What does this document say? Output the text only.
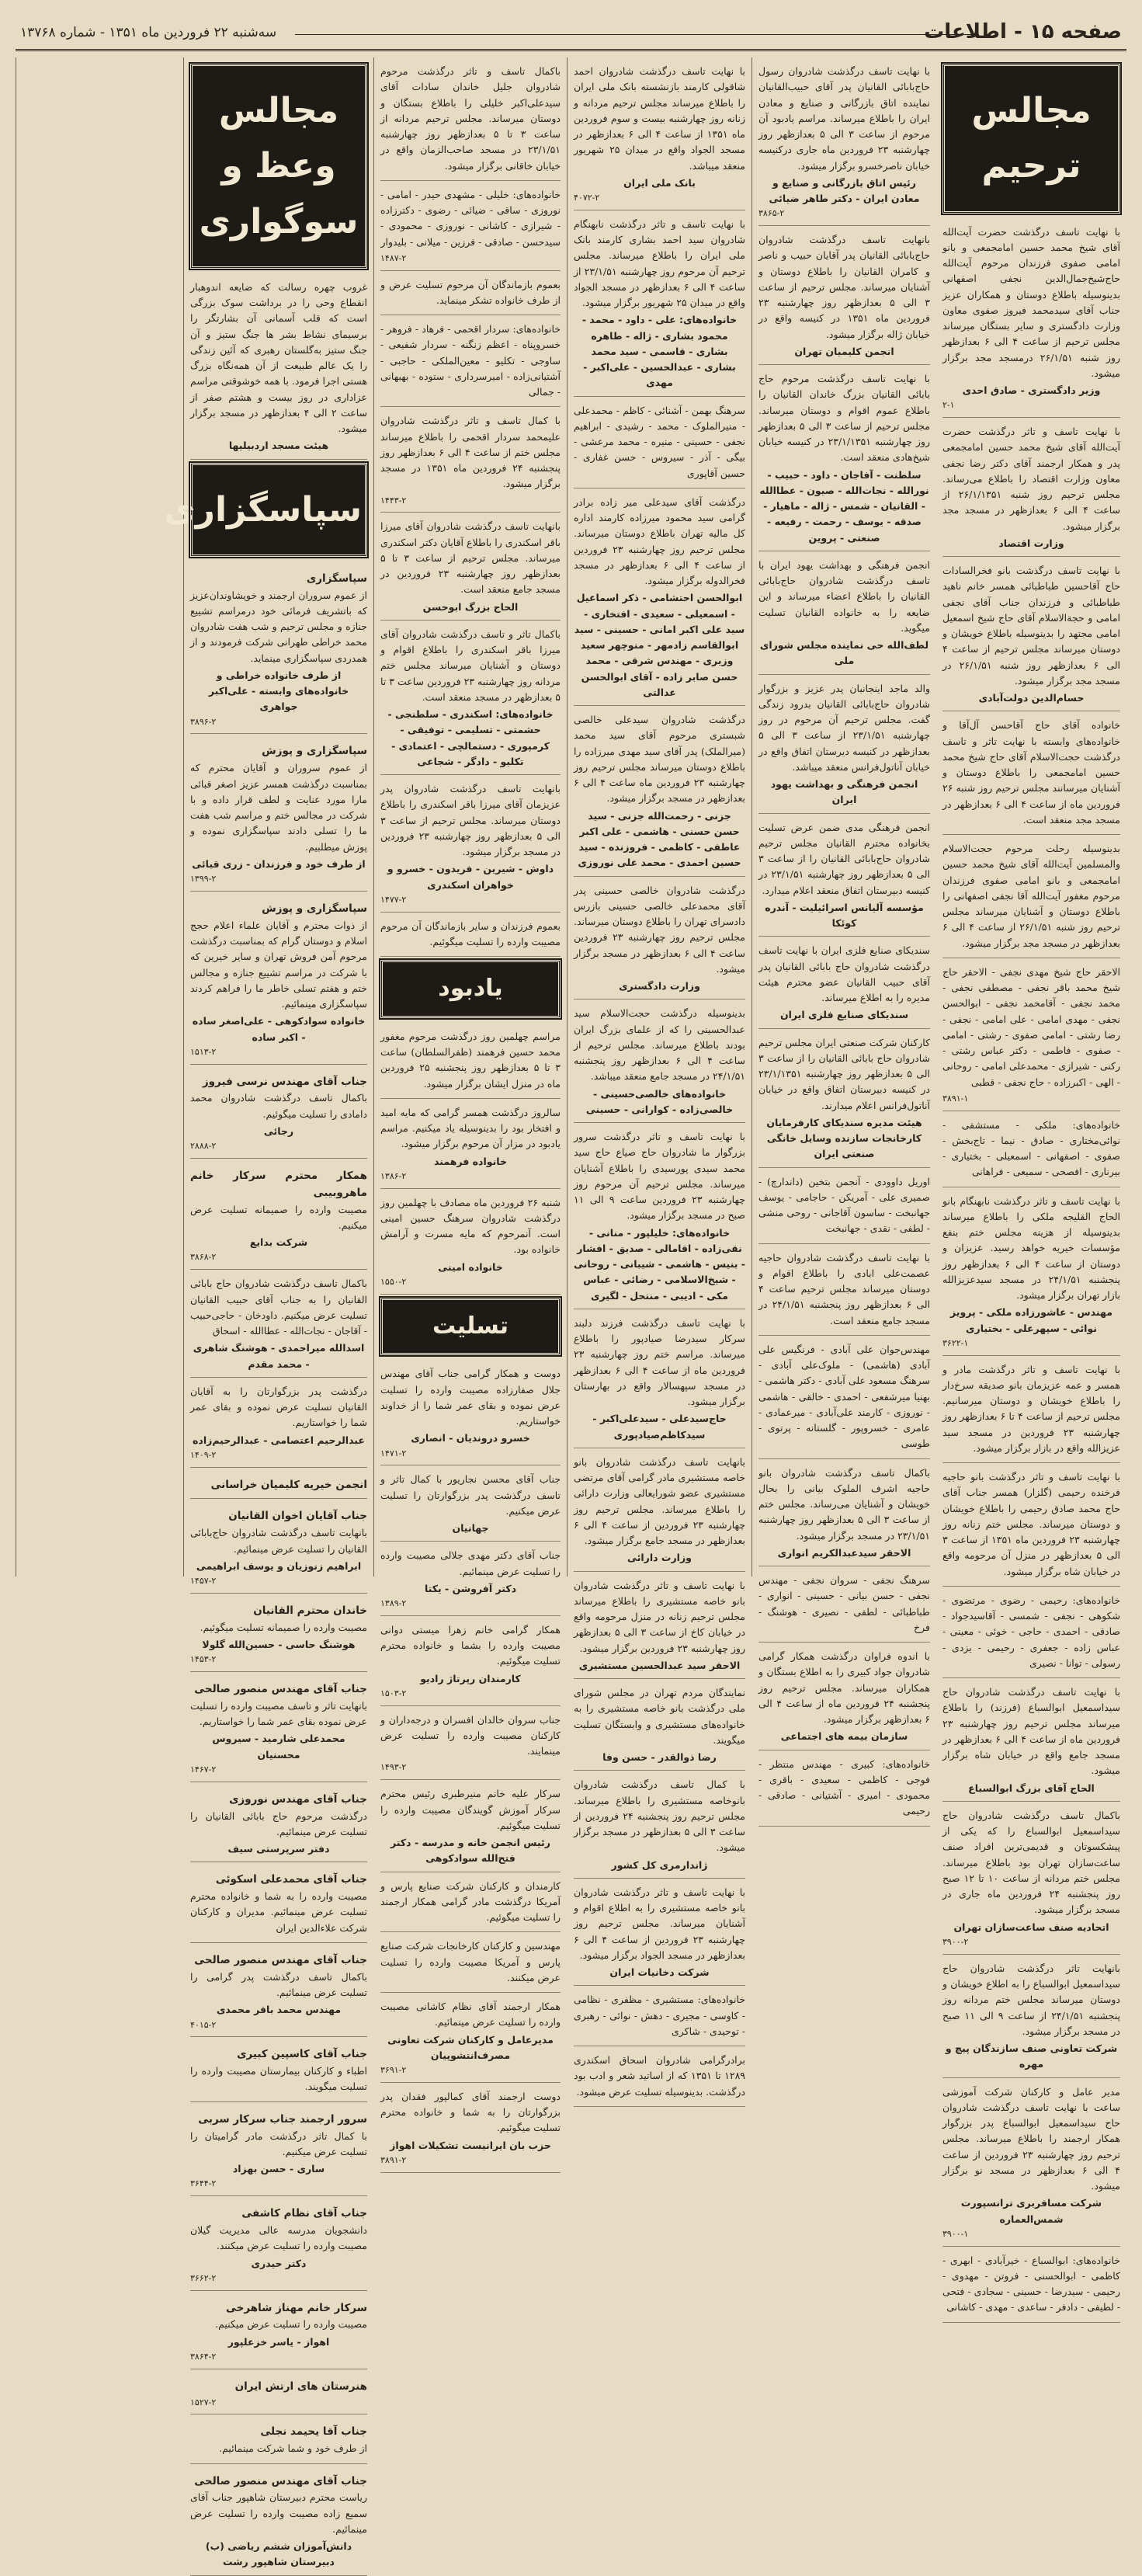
صفحه ۱۵ - اطلاعات
سه‌شنبه ۲۲ فروردین ماه ۱۳۵۱ - شماره ۱۳۷۶۸
مجالس ترحیم

با نهایت تاسف درگذشت حضرت آیت‌الله آقای شیخ محمد حسین امامجمعی و بانو امامی صفوی فرزندان مرحوم آیت‌الله حاج‌شیخ‌جمال‌الدین نجفی اصفهانی بدینوسیله باطلاع دوستان و همکاران عزیز جناب آقای سیدمحمد فیروز صفوی معاون وزارت دادگستری و سایر بستگان میرساند مجلس ترحیم از ساعت ۴ الی ۶ بعدازظهر روز شنبه ۲۶/۱/۵۱ درمسجد مجد برگزار میشود.

وزیر دادگستری - صادق احدی
۲-۱

با نهایت تاسف و تاثر درگذشت حضرت آیت‌الله آقای شیخ محمد حسین امامجمعی پدر و همکار ارجمند آقای دکتر رضا نجفی معاون وزارت اقتصاد را باطلاع می‌رساند. مجلس ترحیم روز شنبه ۲۶/۱/۱۳۵۱ از ساعت ۴ الی ۶ بعدازظهر در مسجد مجد برگزار میشود.

وزارت اقتصاد

با نهایت تاسف درگذشت بانو فخرالسادات حاج آقاحسین طباطبائی همسر خانم ناهید طباطبائی و فرزندان جناب آقای نجفی امامی و حجة‌الاسلام آقای حاج شیخ اسمعیل امامی مجتهد را بدینوسیله باطلاع خویشان و دوستان میرساند مجلس ترحیم از ساعت ۴ الی ۶ بعدازظهر روز شنبه ۲۶/۱/۵۱ در مسجد مجد برگزار میشود.

حسام‌الدین دولت‌آبادی

خانواده آقای حاج آقاحسن آل‌آقا و خانواده‌های وابسته با نهایت تاثر و تاسف درگذشت حجت‌الاسلام آقای حاج شیخ محمد حسین امامجمعی را باطلاع دوستان و آشنایان میرسانند مجلس ترحیم روز شنبه ۲۶ فروردین ماه از ساعت ۴ الی ۶ بعدازظهر در مسجد مجد منعقد است.

بدینوسیله رحلت مرحوم حجت‌الاسلام والمسلمین آیت‌الله آقای شیخ محمد حسین امامجمعی و بانو امامی صفوی فرزندان مرحوم مغفور آیت‌الله آقا نجفی اصفهانی را باطلاع دوستان و آشنایان میرساند مجلس ترحیم روز شنبه ۲۶/۱/۵۱ از ساعت ۴ الی ۶ بعدازظهر در مسجد مجد برگزار میشود.

الاحقر حاج شیخ مهدی نجفی - الاحقر حاج شیخ محمد باقر نجفی - مصطفی نجفی - محمد نجفی - آقامحمد نجفی - ابوالحسن نجفی - مهدی امامی - علی امامی - نجفی - رضا رشتی - امامی صفوی - رشتی - امامی - صفوی - فاطمی - دکتر عباس رشتی - رکنی - شیرازی - محمدعلی امامی - روحانی - الهی - اکبرزاده - حاج نجفی - قطبی

۳۸۹۱-۱

خانواده‌های: ملکی - مستشفی - نوائی‌مختاری - صادق - نیما - تاج‌بخش - صفوی - اصفهانی - اسمعیلی - بختیاری - بیرناری - افصحی - سمیعی - فراهانی

با نهایت تاسف و تاثر درگذشت نابهنگام بانو الحاج القلیجه ملکی را باطلاع میرساند بدینوسیله از هزینه مجلس ختم بنفع مؤسسات خیریه خواهد رسید. عزیزان و دوستان از ساعت ۴ الی ۶ بعدازظهر روز پنجشنبه ۲۴/۱/۵۱ در مسجد سیدعزیزالله بازار تهران برگزار میشود.

مهندس - عاشورزاده ملکی - پرویز نوائی - سپهرعلی - بختیاری
۳۶۲۲-۱

با نهایت تاسف و تاثر درگذشت مادر و همسر و عمه عزیزمان بانو صدیقه سرخ‌دار را باطلاع خویشان و دوستان میرسانیم. مجلس ترحیم از ساعت ۴ تا ۶ بعدازظهر روز چهارشنبه ۲۳ فروردین در مسجد سید عزیزالله واقع در بازار برگزار میشود.

با نهایت تاسف و تاثر درگذشت بانو حاجیه فرخنده رحیمی (گلزار) همسر جناب آقای حاج محمد صادق رحیمی را باطلاع خویشان و دوستان میرساند. مجلس ختم زنانه روز چهارشنبه ۲۳ فروردین ماه ۱۳۵۱ از ساعت ۳ الی ۵ بعدازظهر در منزل آن مرحومه واقع در خیابان شاه برگزار میشود.

خانواده‌های: رحیمی - رضوی - مرتضوی - شکوهی - نجفی - شمسی - آقاسیدجواد - صادقی - احمدی - حاجی - خوئی - معینی - عباس زاده - جعفری - رحیمی - یزدی - رسولی - توانا - نصیری

با نهایت تاسف درگذشت شادروان حاج سیداسمعیل ابوالسباع (فرزند) را باطلاع میرساند مجلس ترحیم روز چهارشنبه ۲۳ فروردین ماه از ساعت ۴ الی ۶ بعدازظهر در مسجد جامع واقع در خیابان شاه برگزار میشود.

الحاج آقای بزرگ ابوالسباع

باکمال تاسف درگذشت شادروان حاج سیداسمعیل ابوالسباع را که یکی از پیشکسوتان و قدیمی‌ترین افراد صنف ساعت‌سازان تهران بود باطلاع میرساند. مجلس ختم مردانه از ساعت ۱۰ تا ۱۲ صبح روز پنجشنبه ۲۴ فروردین ماه جاری در مسجد برگزار میشود.

اتحادیه صنف ساعت‌سازان تهران
۳۹۰۰-۲

بانهایت تاثر درگذشت شادروان حاج سیداسمعیل ابوالسباع را به اطلاع خویشان و دوستان میرساند مجلس ختم مردانه روز پنجشنبه ۲۴/۱/۵۱ از ساعت ۹ الی ۱۱ صبح در مسجد برگزار میشود.

شرکت تعاونی صنف سازندگان پیچ و مهره

مدیر عامل و کارکنان شرکت آموزشی ساعت با نهایت تاسف درگذشت شادروان حاج سیداسمعیل ابوالسباع پدر بزرگوار همکار ارجمند را باطلاع میرساند. مجلس ترحیم روز چهارشنبه ۲۳ فروردین از ساعت ۴ الی ۶ بعدازظهر در مسجد نو برگزار میشود.

شرکت مسافربری ترانسپورت شمس‌العماره
۳۹۰۰-۱

خانواده‌های: ابوالسباع - خیرآبادی - ابهری - کاظمی - ابوالحسنی - فروتن - مهدوی - رحیمی - سیدرضا - حسینی - سجادی - فتحی - لطیفی - دادفر - ساعدی - مهدی - کاشانی

با نهایت تاسف درگذشت شادروان رسول حاج‌بابائی القانیان پدر آقای حبیب‌القانیان نماینده اتاق بازرگانی و صنایع و معادن ایران را باطلاع میرساند. مراسم یادبود آن مرحوم از ساعت ۳ الی ۵ بعدازظهر روز چهارشنبه ۲۳ فروردین ماه جاری درکنیسه خیابان ناصرخسرو برگزار میشود.

رئیس اتاق بازرگانی و صنایع و معادن ایران - دکتر طاهر ضیائی
۳۸۶۵-۲

بانهایت تاسف درگذشت شادروان حاج‌بابائی القانیان پدر آقایان حبیب و ناصر و کامران القانیان را باطلاع دوستان و آشنایان میرساند. مجلس ترحیم از ساعت ۳ الی ۵ بعدازظهر روز چهارشنبه ۲۳ فروردین ماه ۱۳۵۱ در کنیسه واقع در خیابان ژاله برگزار میشود.

انجمن کلیمیان تهران

با نهایت تاسف درگذشت مرحوم حاج بابائی القانیان بزرگ خاندان القانیان را باطلاع عموم اقوام و دوستان میرساند. مجلس ترحیم از ساعت ۳ الی ۵ بعدازظهر روز چهارشنبه ۲۳/۱/۱۳۵۱ در کنیسه خیابان شیخ‌هادی منعقد است.

سلطنت - آفاجان - داود - حبیب - نورالله - نجات‌الله - صیون - عطاالله - القانیان - شمس - ژاله - ماهیار - صدقه - یوسف - رحمت - رفیعه - صنعتی - پروین

انجمن فرهنگی و بهداشت یهود ایران با تاسف درگذشت شادروان حاج‌بابائی القانیان را باطلاع اعضاء میرساند و این ضایعه را به خانواده القانیان تسلیت میگوید.

لطف‌الله حی نماینده مجلس شورای ملی

والد ماجد اینجانبان پدر عزیز و بزرگوار شادروان حاج‌بابائی القانیان بدرود زندگی گفت. مجلس ترحیم آن مرحوم در روز چهارشنبه ۲۳/۱/۵۱ از ساعت ۳ الی ۵ بعدازظهر در کنیسه دیرستان اتفاق واقع در خیابان آناتول‌فرانس منعقد میباشد.

انجمن فرهنگی و بهداشت یهود ایران

انجمن فرهنگی مدی ضمن عرض تسلیت بخانواده محترم القانیان مجلس ترحیم شادروان حاج‌بابائی القانیان را از ساعت ۳ الی ۵ بعدازظهر روز چهارشنبه ۲۳/۱/۵۱ در کنیسه دبیرستان اتفاق منعقد اعلام میدارد.

مؤسسه آلیانس اسرائیلیت - آندره کوئکا

سندیکای صنایع فلزی ایران با نهایت تاسف درگذشت شادروان حاج بابائی القانیان پدر آقای حبیب القانیان عضو محترم هیئت مدیره را به اطلاع میرساند.

سندیکای صنایع فلزی ایران

کارکنان شرکت صنعتی ایران مجلس ترحیم شادروان حاج بابائی القانیان را از ساعت ۳ الی ۵ بعدازظهر روز چهارشنبه ۲۳/۱/۱۳۵۱ در کنیسه دبیرستان اتفاق واقع در خیابان آناتول‌فرانس اعلام میدارند.

هیئت مدیره سندیکای کارفرمایان کارخانجات سازنده وسایل خانگی صنعتی ایران

اوریل داوودی - آنجمن بتخین (داندارچ) - صمیری علی - آمریکن - حاجامی - یوسف جهانبخت - ساسون آقاجانی - روحی منشی - لطفی - نقدی - جهانبخت

با نهایت تاسف درگذشت شادروان حاجیه عصمت‌علی ابادی را باطلاع اقوام و دوستان میرساند مجلس ترحیم ساعت ۴ الی ۶ بعدازظهر روز پنجشنبه ۲۴/۱/۵۱ در مسجد جامع منعقد است.

مهندس‌جوان علی آبادی - فرنگیس علی آبادی (هاشمی) - ملوک‌علی آبادی - سرهنگ مسعود علی آبادی - دکتر هاشمی - بهنیا میرشفعی - احمدی - خالقی - هاشمی - نوروزی - کارمند علی‌آبادی - میرعمادی - عامری - خسروپور - گلستانه - پرتوی - طوسی

باکمال تاسف درگذشت شادروان بانو حاجیه اشرف الملوک بیانی را بحال خویشان و آشنایان می‌رساند. مجلس ختم از ساعت ۳ الی ۵ بعدازظهر روز چهارشنبه ۲۳/۱/۵۱ در مسجد برگزار میشود.

الاحقر سیدعبدالکریم انواری

سرهنگ نجفی - سروان نجفی - مهندس نجفی - حسن بیانی - حسینی - انواری - طباطبائی - لطفی - نصیری - هوشنگ - فرخ

با اندوه فراوان درگذشت همکار گرامی شادروان جواد کبیری را به اطلاع بستگان و همکاران میرساند. مجلس ترحیم روز پنجشنبه ۲۴ فروردین ماه از ساعت ۴ الی ۶ بعدازظهر برگزار میشود.

سازمان بیمه های اجتماعی

خانواده‌های: کبیری - مهندس منتظر - فوجی - کاظمی - سعیدی - باقری - محمودی - امیری - آشتیانی - صادقی - رحیمی

با نهایت تاسف درگذشت شادروان احمد شاقولی کارمند بازنشسته بانک ملی ایران را باطلاع میرساند مجلس ترحیم مردانه و زنانه روز چهارشنبه بیست و سوم فروردین ماه ۱۳۵۱ از ساعت ۴ الی ۶ بعدازظهر در مسجد الجواد واقع در میدان ۲۵ شهریور منعقد میباشد.

بانک ملی ایران
۴۰۷۲-۲

با نهایت تاسف و تاثر درگذشت نابهنگام شادروان سید احمد بشاری کارمند بانک ملی ایران را باطلاع میرساند. مجلس ترحیم آن مرحوم روز چهارشنبه ۲۳/۱/۵۱ از ساعت ۴ الی ۶ بعدازظهر در مسجد الجواد واقع در میدان ۲۵ شهریور برگزار میشود.

خانواده‌های: علی - داود - محمد - محمود بشاری - ژاله - طاهره بشاری - قاسمی - سید محمد بشاری - عبدالحسین - علی‌اکبر - مهدی

سرهنگ بهمن - آشنائی - کاظم - محمدعلی - منیرالملوک - محمد - رشیدی - ابراهیم نجفی - حسینی - منیره - محمد مرعشی - بیگی - آذر - سیروس - حسن غفاری - حسین آقاپوری

درگذشت آقای سیدعلی میر زاده برادر گرامی سید محمود میرزاده کارمند اداره کل مالیه تهران باطلاع دوستان میرساند. مجلس ترحیم روز چهارشنبه ۲۳ فروردین از ساعت ۴ الی ۶ بعدازظهر در مسجد فخرالدوله برگزار میشود.

ابوالحسن احتشامی - ذکر اسماعیل - اسمعیلی - سعیدی - افتخاری - سید علی اکبر امانی - حسینی - سید ابوالقاسم زادمهر - منوچهر سعید وزیری - مهندس شرقی - محمد حسن صابر زاده - آقای ابوالحسن عدالتی

درگذشت شادروان سیدعلی خالصی شبستری مرحوم آقای سید محمد (میرالملک) پدر آقای سید مهدی میرزاده را باطلاع دوستان میرساند مجلس ترحیم روز چهارشنبه ۲۳ فروردین ماه ساعت ۴ الی ۶ بعدازظهر در مسجد برگزار میشود.

جزنی - رحمت‌الله جزنی - سید حسن حسنی - هاشمی - علی اکبر عاطفی - کاظمی - فروزنده - سید حسین احمدی - محمد علی نوروزی

درگذشت شادروان خالصی حسینی پدر آقای محمدعلی خالصی حسینی بازرس دادسرای تهران را باطلاع دوستان میرساند. مجلس ترحیم روز چهارشنبه ۲۳ فروردین ساعت ۴ الی ۶ بعدازظهر در مسجد برگزار میشود.

وزارت دادگستری

بدینوسیله درگذشت حجت‌الاسلام سید عبدالحسینی را که از علمای بزرگ ایران بودند باطلاع میرساند. مجلس ترحیم از ساعت ۴ الی ۶ بعدازظهر روز پنجشنبه ۲۴/۱/۵۱ در مسجد جامع منعقد میباشد.

خانواده‌های خالصی‌حسینی - خالصی‌زاده - کوارانی - حسینی

با نهایت تاسف و تاثر درگذشت سرور بزرگوار ما شادروان حاج صیاع حاج سید محمد سیدی پورسیدی را باطلاع آشنایان میرساند. مجلس ترحیم آن مرحوم روز چهارشنبه ۲۳ فروردین ساعت ۹ الی ۱۱ صبح در مسجد برگزار میشود.

خانواده‌های: خلیلپور - منانی - نقی‌زاده - اقامالی - صدیق - افشار - بنیس - هاشمی - شیبانی - روحانی - شیخ‌الاسلامی - رضائی - عباس مکی - ادیبی - منتحل - لگیری

با نهایت تاسف درگذشت فرزند دلبند سرکار سیدرضا صیادپور را باطلاع میرساند. مراسم ختم روز چهارشنبه ۲۳ فروردین ماه از ساعت ۴ الی ۶ بعدازظهر در مسجد سپهسالار واقع در بهارستان برگزار میشود.

حاج‌سیدعلی - سیدعلی‌اکبر - سیدکاظم‌صیادپوری

بانهایت تاسف درگذشت شادروان بانو خاصه مستشیری مادر گرامی آقای مرتضی مستشیری عضو شورایعالی وزارت دارائی را باطلاع میرساند. مجلس ترحیم روز چهارشنبه ۲۳ فروردین از ساعت ۴ الی ۶ بعدازظهر در مسجد جامع برگزار میشود.

وزارت دارائی

با نهایت تاسف و تاثر درگذشت شادروان بانو خاصه مستشیری را باطلاع میرساند مجلس ترحیم زنانه در منزل مرحومه واقع در خیابان کاخ از ساعت ۳ الی ۵ بعدازظهر روز چهارشنبه ۲۳ فروردین برگزار میشود.

الاحقر سید عبدالحسین مستشیری

نمایندگان مردم تهران در مجلس شورای ملی درگذشت بانو خاصه مستشیری را به خانواده‌های مستشیری و وابستگان تسلیت میگویند.

رضا ذوالقدر - حسن وفا

با کمال تاسف درگذشت شادروان بانوخاصه مستشیری را باطلاع میرساند. مجلس ترحیم روز پنجشنبه ۲۴ فروردین از ساعت ۳ الی ۵ بعدازظهر در مسجد برگزار میشود.

ژاندارمری کل کشور

با نهایت تاسف و تاثر درگذشت شادروان بانو خاصه مستشیری را به اطلاع اقوام و آشنایان میرساند. مجلس ترحیم روز چهارشنبه ۲۳ فروردین از ساعت ۴ الی ۶ بعدازظهر در مسجد الجواد برگزار میشود.

شرکت دخانیات ایران

خانواده‌های: مستشیری - مظفری - نظامی - کاوسی - مجیری - دهش - نوائی - رهبری - توحیدی - شاکری

برادرگرامی شادروان اسحاق اسکندری ۱۲۸۹ تا ۱۳۵۱ که از اساتید شعر و ادب بود درگذشت. بدینوسیله تسلیت عرض میشود.

باکمال تاسف و تاثر درگذشت مرحوم شادروان جلیل خاندان سادات آقای سیدعلی‌اکبر خلیلی را باطلاع بستگان و دوستان میرساند. مجلس ترحیم مردانه از ساعت ۳ تا ۵ بعدازظهر روز چهارشنبه ۲۳/۱/۵۱ در مسجد صاحب‌الزمان واقع در خیابان خاقانی برگزار میشود.

خانواده‌های: خلیلی - مشهدی حیدر - امامی - نوروزی - ساقی - ضیائی - رضوی - دکترزاده - شیرازی - کاشانی - نوروزی - محمودی - سیدحسن - صادقی - فرزین - میلانی - بلیدوار

۱۴۸۷-۲

بعموم بازماندگان آن مرحوم تسلیت عرض و از طرف خانواده تشکر مینماید.

خانواده‌های: سردار اقحمی - فرهاد - فروهر - خسروپناه - اعظم زنگنه - سردار شفیعی - ساوجی - تکلیو - معین‌الملکی - حاجبی - آشتیانی‌زاده - امیرسرداری - ستوده - بهبهانی - جمالی

با کمال تاسف و تاثر درگذشت شادروان علیمحمد سردار اقحمی را باطلاع میرساند مجلس ختم از ساعت ۴ الی ۶ بعدازظهر روز پنجشنبه ۲۴ فروردین ماه ۱۳۵۱ در مسجد برگزار میشود.

۱۴۴۳-۲

بانهایت تاسف درگذشت شادروان آقای میرزا باقر اسکندری را باطلاع آقایان دکتر اسکندری میرساند. مجلس ترحیم از ساعت ۳ تا ۵ بعدازظهر روز چهارشنبه ۲۳ فروردین در مسجد جامع منعقد است.

الحاج بزرگ ابوحسن

باکمال تاثر و تاسف درگذشت شادروان آقای میرزا باقر اسکندری را باطلاع اقوام و دوستان و آشنایان میرساند مجلس ختم مردانه روز چهارشنبه ۲۳ فروردین ساعت ۳ تا ۵ بعدازظهر در مسجد منعقد است.

خانواده‌های: اسکندری - سلطنجی - حشمتی - تسلیمی - توفیقی - کرمپوری - دستمالچی - اعتمادی - تکلیو - دادگر - شجاعی

بانهایت تاسف درگذشت شادروان پدر عزیزمان آقای میرزا باقر اسکندری را باطلاع دوستان میرساند. مجلس ترحیم از ساعت ۳ الی ۵ بعدازظهر روز چهارشنبه ۲۳ فروردین در مسجد برگزار میشود.

داوش - شیرین - فریدون - خسرو و خواهران اسکندری
۱۴۷۷-۲

بعموم فرزندان و سایر بازماندگان آن مرحوم مصیبت وارده را تسلیت میگوئیم.

یادبود

مراسم چهلمین روز درگذشت مرحوم مغفور محمد حسین فرهمند (ظفرالسلطان) ساعت ۳ تا ۵ بعدازظهر روز پنجشنبه ۲۵ فروردین ماه در منزل ایشان برگزار میشود.

سالروز درگذشت همسر گرامی که مایه امید و افتخار بود را بدینوسیله یاد میکنیم. مراسم یادبود در مزار آن مرحوم برگزار میشود.

خانواده فرهمند
۱۳۸۶-۲

شنبه ۲۶ فروردین ماه مصادف با چهلمین روز درگذشت شادروان سرهنگ حسین امینی است. آنمرحوم که مایه مسرت و آرامش خانواده بود.

خانواده امینی
۱۵۵۰-۲
تسلیت

دوست و همکار گرامی جناب آقای مهندس جلال صفارزاده مصیبت وارده را تسلیت عرض نموده و بقای عمر شما را از خداوند خواستاریم.

خسرو دروندیان - انصاری
۱۴۷۱-۲

جناب آقای محسن نجاریور با کمال تاثر و تاسف درگذشت پدر بزرگوارتان را تسلیت عرض میکنیم.

جهانیان

جناب آقای دکتر مهدی جلالی مصیبت وارده را تسلیت عرض مینمائیم.

دکتر آفروشن - یکتا
۱۳۸۹-۲

همکار گرامی خانم زهرا میستی دوانی مصیبت وارده را بشما و خانواده محترم تسلیت میگوئیم.

کارمندان رپرتاژ رادیو
۱۵۰۳-۲

جناب سروان خالدان افسران و درجه‌داران و کارکنان مصیبت وارده را تسلیت عرض مینمایند.

۱۴۹۳-۲

سرکار علیه خانم منیرطبری رئیس محترم سرکار آموزش گویندگان مصیبت وارده را تسلیت میگوئیم.

رئیس انجمن خانه و مدرسه - دکتر فتح‌الله سوادکوهی

کارمندان و کارکنان شرکت صنایع پارس و آمریکا درگذشت مادر گرامی همکار ارجمند را تسلیت میگوئیم.

مهندسین و کارکنان کارخانجات شرکت صنایع پارس و آمریکا مصیبت وارده را تسلیت عرض میکنند.

همکار ارجمند آقای نظام کاشانی مصیبت وارده را تسلیت عرض مینمائیم.

مدیرعامل و کارکنان شرکت تعاونی مصرف‌انتشوپیان
۳۶۹۱-۲

دوست ارجمند آقای کمالپور فقدان پدر بزرگوارتان را به شما و خانواده محترم تسلیت میگوئیم.

حزب بان ایرانیست تشکیلات اهواز
۳۸۹۱-۲
مجالس وعظ و سوگواری

غروب چهره رسالت که ضایعه اندوهبار انقطاع وحی را در برداشت سوک بزرگی است که قلب آسمانی آن بشارتگر را برسیمای نشاط بشر ها جنگ ستیز و آن جنگ ستیز به‌گلستان رهبری که آئین زندگی را یک عالم طبیعت از آن همه‌نگاه بزرگ هستی اجرا فرمود. با همه خوشوقتی مراسم عزاداری در روز بیست و هشتم صفر از ساعت ۲ الی ۴ بعدازظهر در مسجد برگزار میشود.

هیئت مسجد اردبیلیها
سپاسگزاری
سپاسگزاری

از عموم سروران ارجمند و خویشاوندان‌عزیز که باتشریف فرمائی خود درمراسم تشییع جنازه و مجلس ترحیم و شب هفت شادروان محمد خراطی طهرانی شرکت فرمودند و از همدردی سپاسگزاری مینماید.

از طرف خانواده خراطی و خانواده‌های وابسته - علی‌اکبر جواهری
۳۸۹۶-۲
سپاسگزاری و پوزش

از عموم سروران و آقایان محترم که بمناسبت درگذشت همسر عزیز اصغر قبائی مارا مورد عنایت و لطف قرار داده و با شرکت در مجالس ختم و مراسم شب هفت ما را تسلی دادند سپاسگزاری نموده و پوزش میطلبیم.

از طرف خود و فرزندان - زری قبائی
۱۳۹۹-۲
سپاسگزاری و پوزش

از ذوات محترم و آقایان علماء اعلام حجج اسلام و دوستان گرام که بمناسبت درگذشت مرحوم آمن فروش تهران و سایر خیرین که با شرکت در مراسم تشییع جنازه و مجالس ختم و هفتم تسلی خاطر ما را فراهم کردند سپاسگزاری مینمائیم.

خانواده سوادکوهی - علی‌اصغر ساده - اکبر ساده
۱۵۱۳-۲
جناب آقای مهندس نرسی فیروز

باکمال تاسف درگذشت شادروان محمد دامادی را تسلیت میگوئیم.

رجائی
۲۸۸۸-۲
همکار محترم سرکار خانم ماهروبیبی

مصیبت وارده را صمیمانه تسلیت عرض میکنیم.

شرکت بدایع
۳۸۶۸-۲

باکمال تاسف درگذشت شادروان حاج بابائی القانیان را به جناب آقای حبیب القانیان تسلیت عرض میکنیم. داودخان - حاجی‌حبیب - آقاجان - نجات‌الله - عطاالله - اسحاق

اسدالله میراحمدی - هوشنگ شاهری - محمد مقدم

درگذشت پدر بزرگوارتان را به آقایان القانیان تسلیت عرض نموده و بقای عمر شما را خواستاریم.

عبدالرحیم اعتصامی - عبدالرحیم‌زاده
۱۴۰۹-۲
انجمن خیریه کلیمیان خراسانی
جناب آقایان اخوان القانیان

بانهایت تاسف درگذشت شادروان حاج‌بابائی القانیان را تسلیت عرض مینمائیم.

ابراهیم زنوزیان و یوسف ابراهیمی
۱۴۵۷-۲
خاندان محترم القانیان

مصیبت وارده را صمیمانه تسلیت میگوئیم.

هوشنگ حاسی - حسین‌الله گلولا
۱۴۵۳-۲
جناب آقای مهندس منصور صالحی

بانهایت تاثر و تاسف مصیبت وارده را تسلیت عرض نموده بقای عمر شما را خواستاریم.

محمدعلی شارمید - سیروس محسنیان
۱۴۶۷-۲
جناب آقای مهندس نوروزی

درگذشت مرحوم حاج بابائی القانیان را تسلیت عرض مینمائیم.

دفتر سرپرستی سیف
جناب آقای محمدعلی اسکوئی

مصیبت وارده را به شما و خانواده محترم تسلیت عرض مینمائیم. مدیران و کارکنان شرکت علاءالدین ایران

جناب آقای مهندس منصور صالحی

باکمال تاسف درگذشت پدر گرامی را تسلیت عرض مینمائیم.

مهندس محمد باقر محمدی
۴۰۱۵-۲
جناب آقای کاسپین کبیری

اطباء و کارکنان بیمارستان مصیبت وارده را تسلیت میگویند.

سرور ارجمند جناب سرکار سربی

با کمال تاثر درگذشت مادر گرامیتان را تسلیت عرض میکنیم.

ساری - حسن بهزاد
۳۶۴۴-۲
جناب آقای نظام کاشفی

دانشجویان مدرسه عالی مدیریت گیلان مصیبت وارده را تسلیت عرض میکنند.

دکتر حیدری
۳۶۶۲-۲
سرکار خانم مهناز شاهرخی

مصیبت وارده را تسلیت عرض میکنیم.

اهواز - یاسر خزعلپور
۳۸۶۴-۲
هنرستان های ارتش ایران
۱۵۲۷-۲
جناب آقا یحیمد نجلی

از طرف خود و شما شرکت مینمائیم.

جناب آقای مهندس منصور صالحی

ریاست محترم دبیرستان شاهپور جناب آقای سمیع زاده مصیبت وارده را تسلیت عرض مینمائیم.

دانش‌آموزان ششم ریاضی (ب) دبیرستان شاهپور رشت
